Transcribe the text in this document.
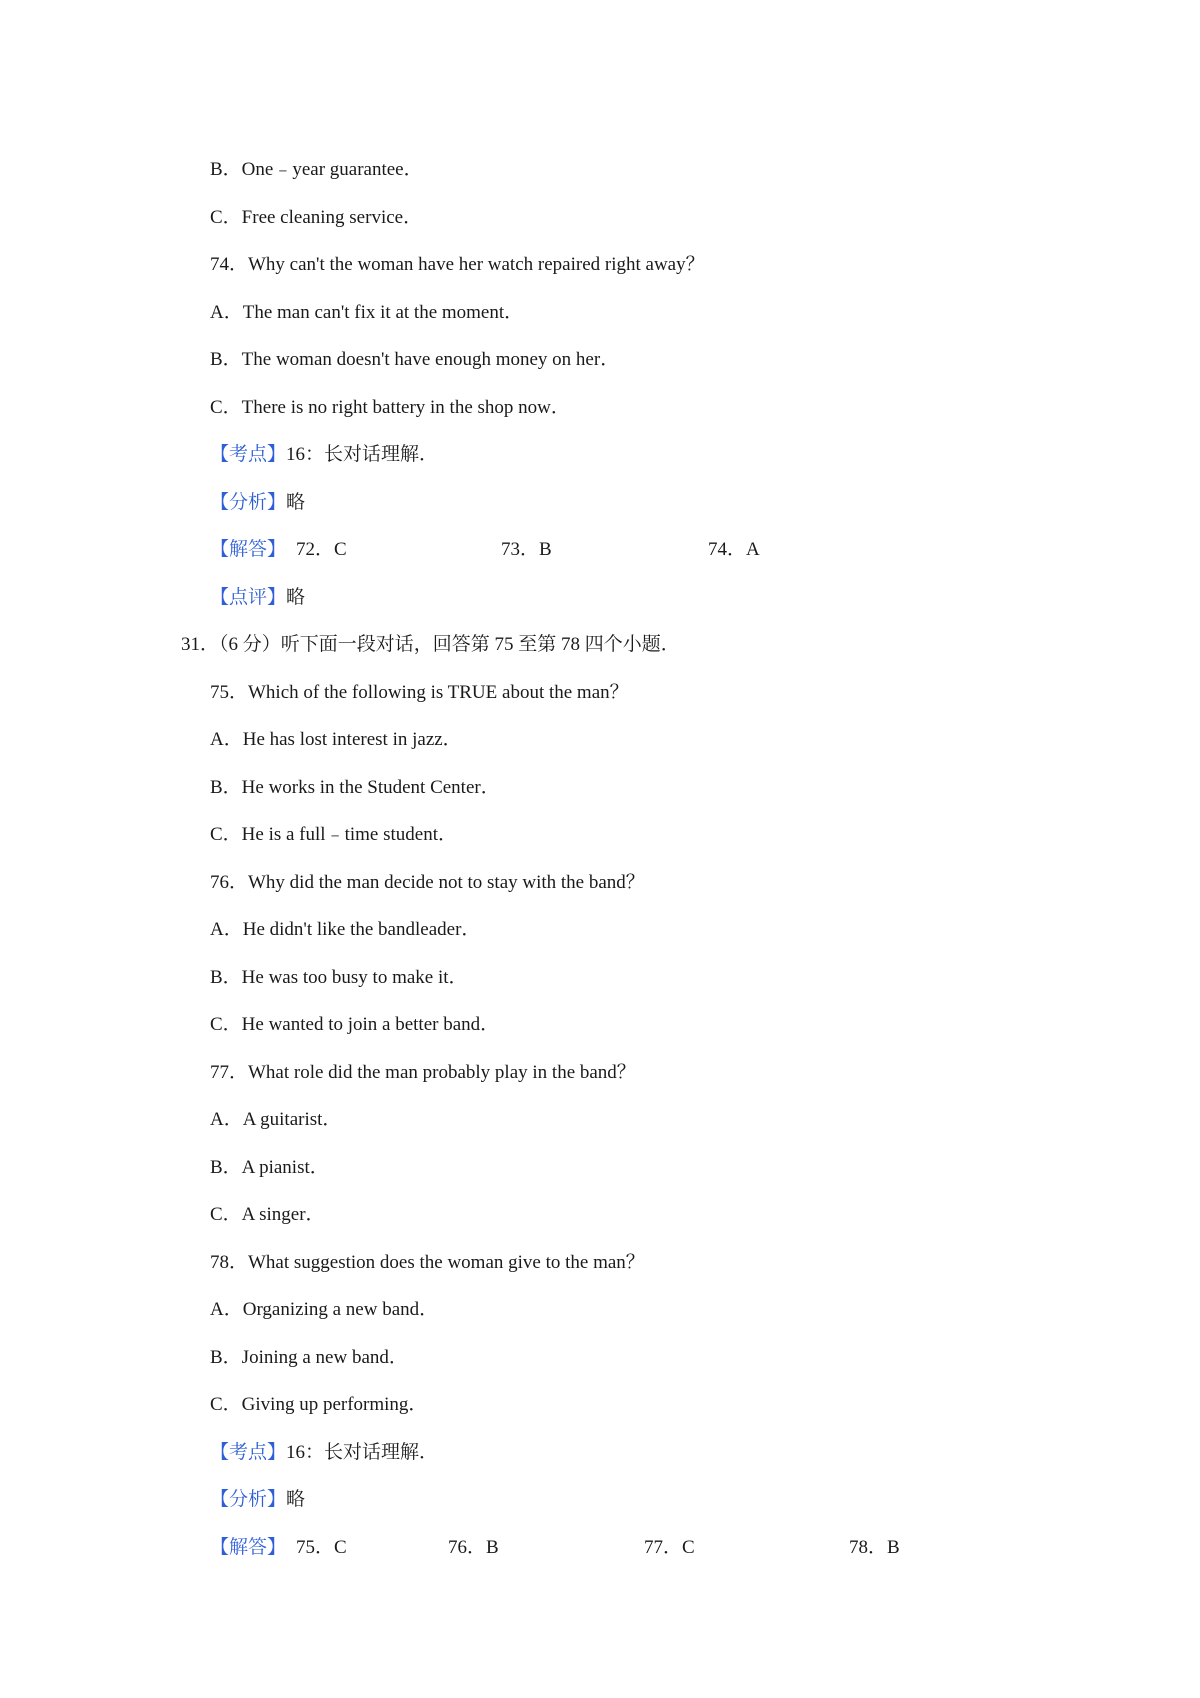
B．One﹣year guarantee．
C．Free cleaning service．
74．Why can't the woman have her watch repaired right away？
A．The man can't fix it at the moment．
B．The woman doesn't have enough money on her．
C．There is no right battery in the shop now．
【考点】16：长对话理解．
【分析】略
【解答】 72．C	73．B	74．A
【点评】略
31．（6 分）听下面一段对话，回答第 75 至第 78 四个小题．
75．Which of the following is TRUE about the man？
A．He has lost interest in jazz．
B．He works in the Student Center．
C．He is a full﹣time student．
76．Why did the man decide not to stay with the band？
A．He didn't like the bandleader．
B．He was too busy to make it．
C．He wanted to join a better band．
77．What role did the man probably play in the band？
A．A guitarist．
B．A pianist．
C．A singer．
78．What suggestion does the woman give to the man？
A．Organizing a new band．
B．Joining a new band．
C．Giving up performing．
【考点】16：长对话理解．
【分析】略
【解答】 75．C	76．B	77．C	78．B
